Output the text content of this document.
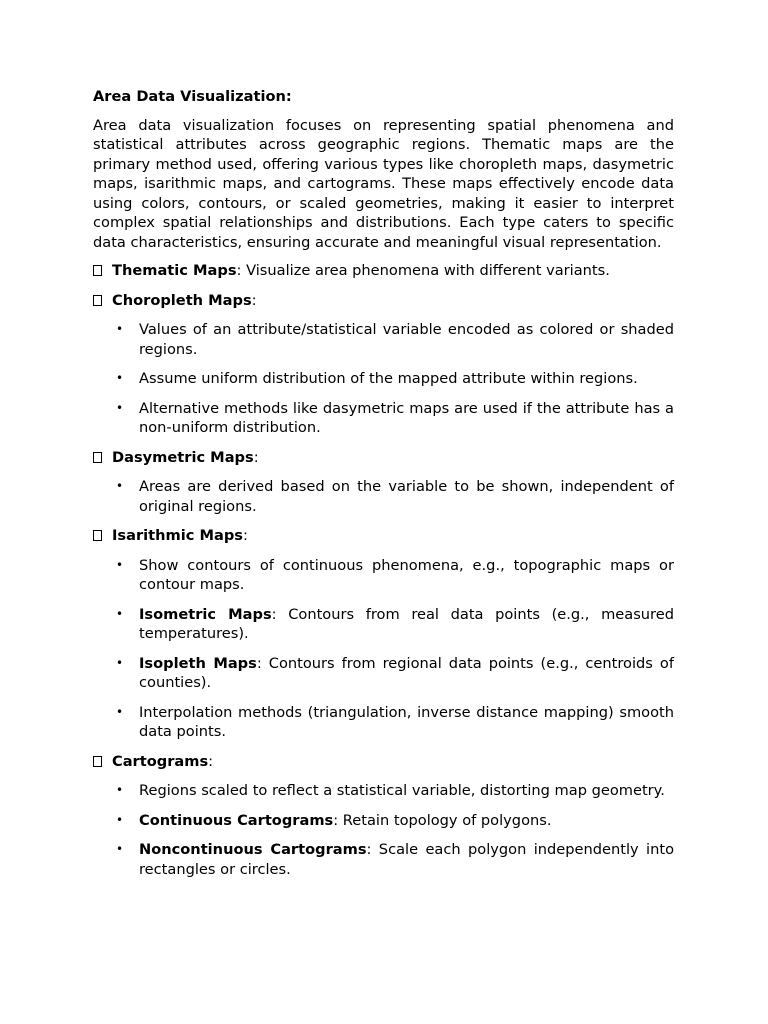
Area Data Visualization:
Area data visualization focuses on representing spatial phenomena and statistical attributes across geographic regions. Thematic maps are the primary method used, offering various types like choropleth maps, dasymetric maps, isarithmic maps, and cartograms. These maps effectively encode data using colors, contours, or scaled geometries, making it easier to interpret complex spatial relationships and distributions. Each type caters to specific data characteristics, ensuring accurate and meaningful visual representation.
Thematic Maps: Visualize area phenomena with different variants.
Choropleth Maps:
• Values of an attribute/statistical variable encoded as colored or shaded regions.
• Assume uniform distribution of the mapped attribute within regions.
• Alternative methods like dasymetric maps are used if the attribute has a non-uniform distribution.
Dasymetric Maps:
• Areas are derived based on the variable to be shown, independent of original regions.
Isarithmic Maps:
• Show contours of continuous phenomena, e.g., topographic maps or contour maps.
• Isometric Maps: Contours from real data points (e.g., measured temperatures).
• Isopleth Maps: Contours from regional data points (e.g., centroids of counties).
• Interpolation methods (triangulation, inverse distance mapping) smooth data points.
Cartograms:
• Regions scaled to reflect a statistical variable, distorting map geometry.
• Continuous Cartograms: Retain topology of polygons.
• Noncontinuous Cartograms: Scale each polygon independently into rectangles or circles.
